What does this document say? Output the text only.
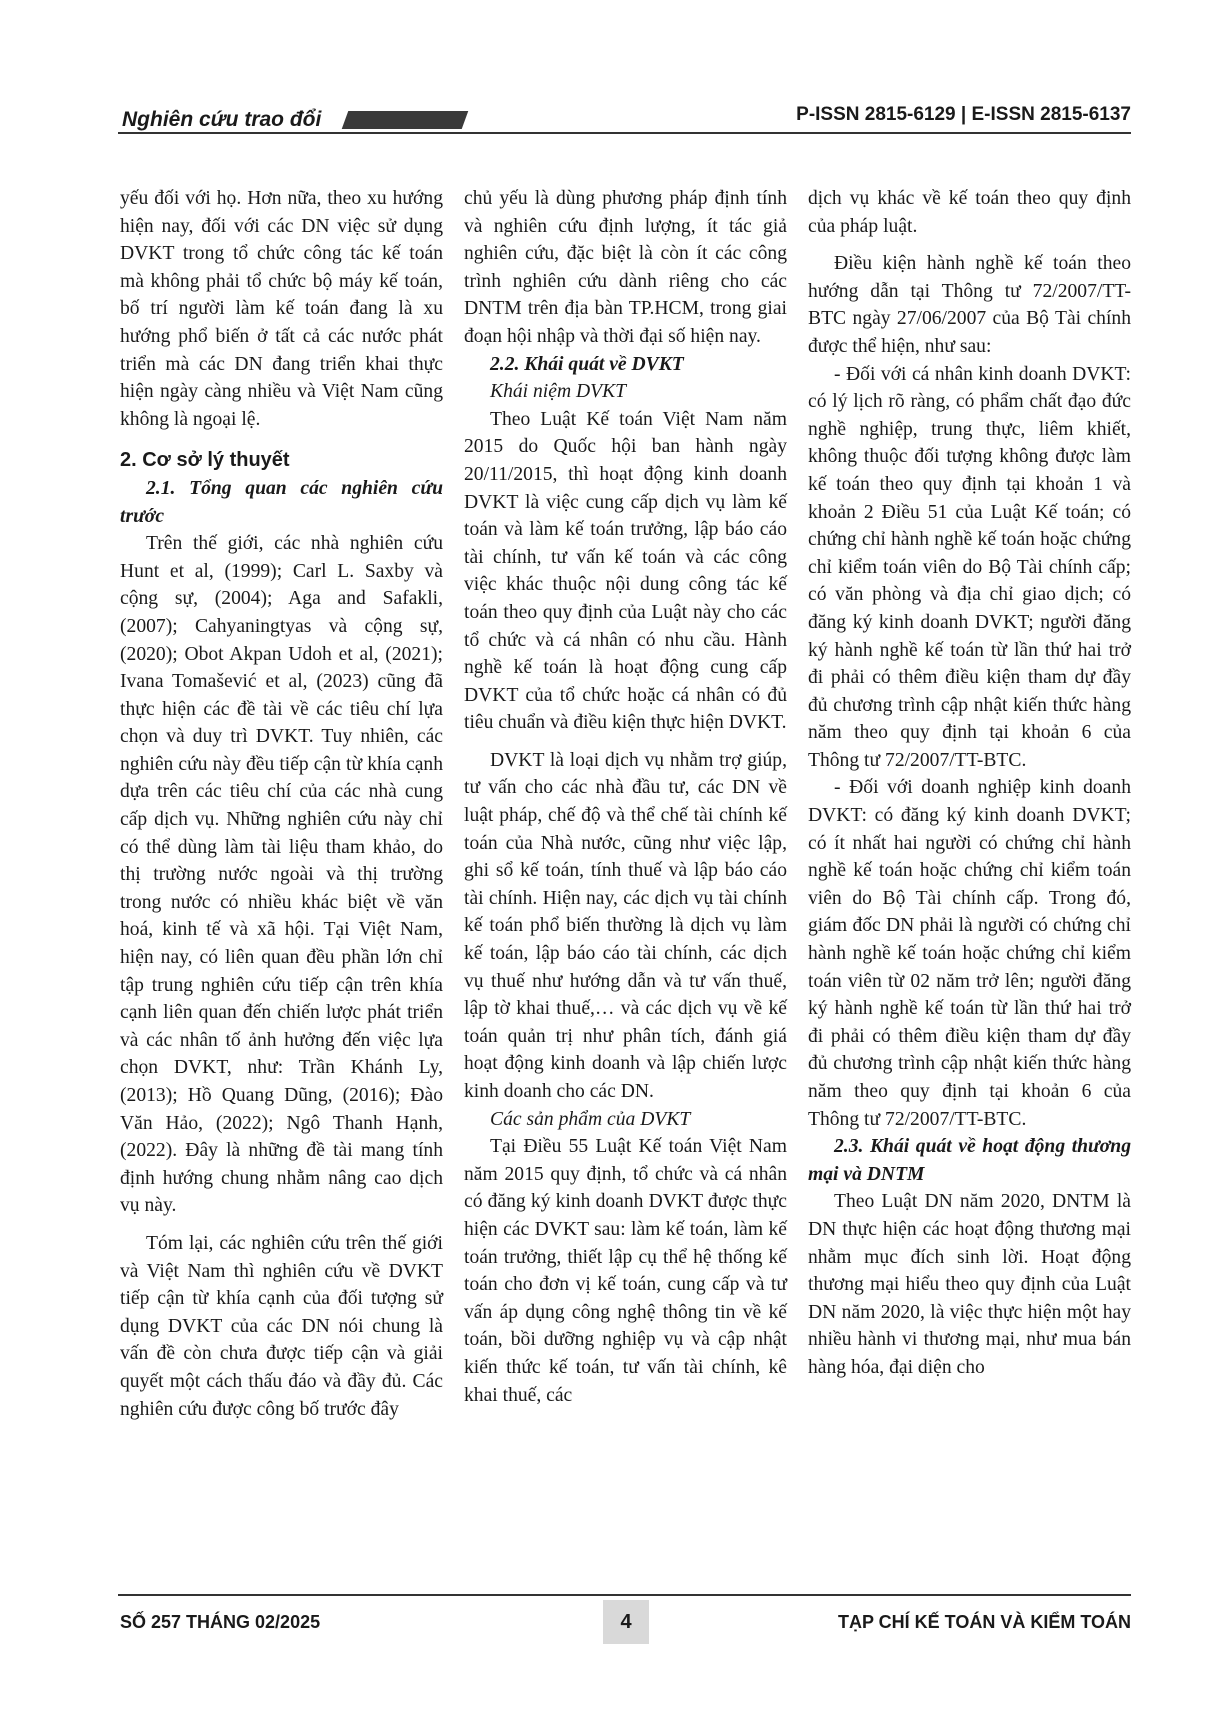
Nghiên cứu trao đổi	P-ISSN 2815-6129 | E-ISSN 2815-6137

yếu đối với họ. Hơn nữa, theo xu hướng hiện nay, đối với các DN việc sử dụng DVKT trong tổ chức công tác kế toán mà không phải tổ chức bộ máy kế toán, bố trí người làm kế toán đang là xu hướng phổ biến ở tất cả các nước phát triển mà các DN đang triển khai thực hiện ngày càng nhiều và Việt Nam cũng không là ngoại lệ.

2. Cơ sở lý thuyết

2.1. Tổng quan các nghiên cứu trước

Trên thế giới, các nhà nghiên cứu Hunt et al, (1999); Carl L. Saxby và cộng sự, (2004); Aga and Safakli, (2007); Cahyaningtyas và cộng sự, (2020); Obot Akpan Udoh et al, (2021); Ivana Tomašević et al, (2023) cũng đã thực hiện các đề tài về các tiêu chí lựa chọn và duy trì DVKT. Tuy nhiên, các nghiên cứu này đều tiếp cận từ khía cạnh dựa trên các tiêu chí của các nhà cung cấp dịch vụ. Những nghiên cứu này chỉ có thể dùng làm tài liệu tham khảo, do thị trường nước ngoài và thị trường trong nước có nhiều khác biệt về văn hoá, kinh tế và xã hội. Tại Việt Nam, hiện nay, có liên quan đều phần lớn chỉ tập trung nghiên cứu tiếp cận trên khía cạnh liên quan đến chiến lược phát triển và các nhân tố ảnh hưởng đến việc lựa chọn DVKT, như: Trần Khánh Ly, (2013); Hồ Quang Dũng, (2016); Đào Văn Hảo, (2022); Ngô Thanh Hạnh, (2022). Đây là những đề tài mang tính định hướng chung nhằm nâng cao dịch vụ này.

Tóm lại, các nghiên cứu trên thế giới và Việt Nam thì nghiên cứu về DVKT tiếp cận từ khía cạnh của đối tượng sử dụng DVKT của các DN nói chung là vấn đề còn chưa được tiếp cận và giải quyết một cách thấu đáo và đầy đủ. Các nghiên cứu được công bố trước đây

chủ yếu là dùng phương pháp định tính và nghiên cứu định lượng, ít tác giả nghiên cứu, đặc biệt là còn ít các công trình nghiên cứu dành riêng cho các DNTM trên địa bàn TP.HCM, trong giai đoạn hội nhập và thời đại số hiện nay.

2.2. Khái quát về DVKT

Khái niệm DVKT

Theo Luật Kế toán Việt Nam năm 2015 do Quốc hội ban hành ngày 20/11/2015, thì hoạt động kinh doanh DVKT là việc cung cấp dịch vụ làm kế toán và làm kế toán trưởng, lập báo cáo tài chính, tư vấn kế toán và các công việc khác thuộc nội dung công tác kế toán theo quy định của Luật này cho các tổ chức và cá nhân có nhu cầu. Hành nghề kế toán là hoạt động cung cấp DVKT của tổ chức hoặc cá nhân có đủ tiêu chuẩn và điều kiện thực hiện DVKT.

DVKT là loại dịch vụ nhằm trợ giúp, tư vấn cho các nhà đầu tư, các DN về luật pháp, chế độ và thể chế tài chính kế toán của Nhà nước, cũng như việc lập, ghi sổ kế toán, tính thuế và lập báo cáo tài chính. Hiện nay, các dịch vụ tài chính kế toán phổ biến thường là dịch vụ làm kế toán, lập báo cáo tài chính, các dịch vụ thuế như hướng dẫn và tư vấn thuế, lập tờ khai thuế,… và các dịch vụ về kế toán quản trị như phân tích, đánh giá hoạt động kinh doanh và lập chiến lược kinh doanh cho các DN.

Các sản phẩm của DVKT

Tại Điều 55 Luật Kế toán Việt Nam năm 2015 quy định, tổ chức và cá nhân có đăng ký kinh doanh DVKT được thực hiện các DVKT sau: làm kế toán, làm kế toán trưởng, thiết lập cụ thể hệ thống kế toán cho đơn vị kế toán, cung cấp và tư vấn áp dụng công nghệ thông tin về kế toán, bồi dưỡng nghiệp vụ và cập nhật kiến thức kế toán, tư vấn tài chính, kê khai thuế, các

dịch vụ khác về kế toán theo quy định của pháp luật.

Điều kiện hành nghề kế toán theo hướng dẫn tại Thông tư 72/2007/TT-BTC ngày 27/06/2007 của Bộ Tài chính được thể hiện, như sau:

- Đối với cá nhân kinh doanh DVKT: có lý lịch rõ ràng, có phẩm chất đạo đức nghề nghiệp, trung thực, liêm khiết, không thuộc đối tượng không được làm kế toán theo quy định tại khoản 1 và khoản 2 Điều 51 của Luật Kế toán; có chứng chỉ hành nghề kế toán hoặc chứng chỉ kiểm toán viên do Bộ Tài chính cấp; có văn phòng và địa chỉ giao dịch; có đăng ký kinh doanh DVKT; người đăng ký hành nghề kế toán từ lần thứ hai trở đi phải có thêm điều kiện tham dự đầy đủ chương trình cập nhật kiến thức hàng năm theo quy định tại khoản 6 của Thông tư 72/2007/TT-BTC.

- Đối với doanh nghiệp kinh doanh DVKT: có đăng ký kinh doanh DVKT; có ít nhất hai người có chứng chỉ hành nghề kế toán hoặc chứng chỉ kiểm toán viên do Bộ Tài chính cấp. Trong đó, giám đốc DN phải là người có chứng chỉ hành nghề kế toán hoặc chứng chỉ kiểm toán viên từ 02 năm trở lên; người đăng ký hành nghề kế toán từ lần thứ hai trở đi phải có thêm điều kiện tham dự đầy đủ chương trình cập nhật kiến thức hàng năm theo quy định tại khoản 6 của Thông tư 72/2007/TT-BTC.

2.3. Khái quát về hoạt động thương mại và DNTM

Theo Luật DN năm 2020, DNTM là DN thực hiện các hoạt động thương mại nhằm mục đích sinh lời. Hoạt động thương mại hiểu theo quy định của Luật DN năm 2020, là việc thực hiện một hay nhiều hành vi thương mại, như mua bán hàng hóa, đại diện cho

SỐ 257 THÁNG 02/2025	4	TẠP CHÍ KẾ TOÁN VÀ KIỂM TOÁN
